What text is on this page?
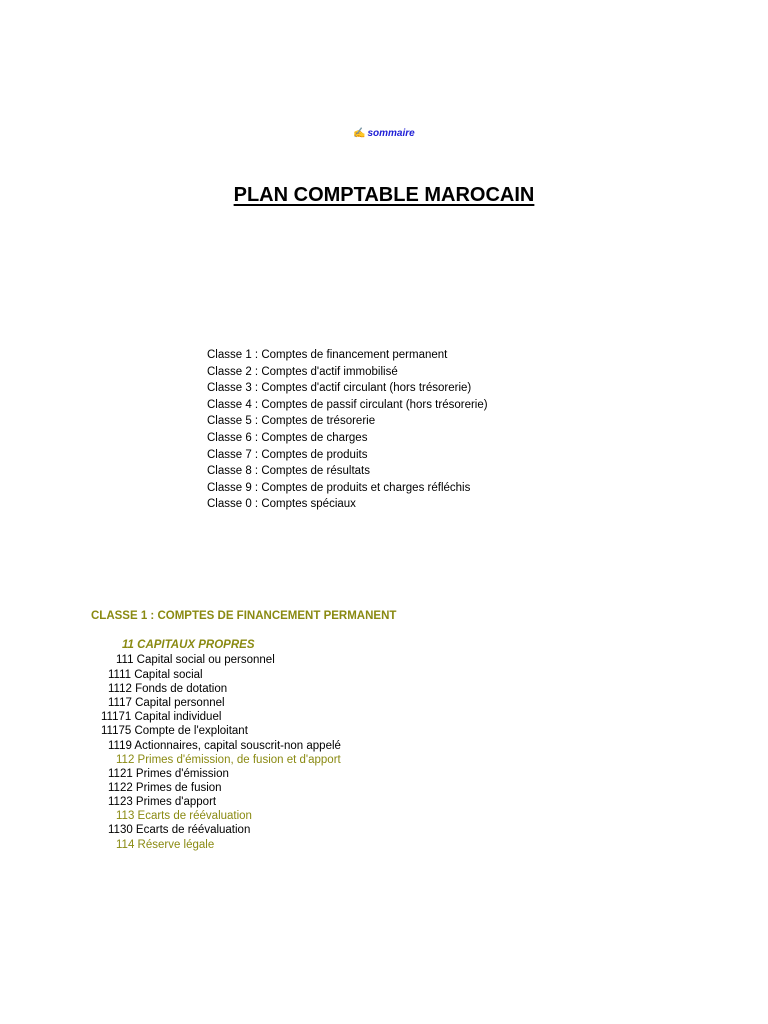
✍ sommaire
PLAN COMPTABLE MAROCAIN
Classe 1 : Comptes de financement permanent
Classe 2 : Comptes d'actif immobilisé
Classe 3 : Comptes d'actif circulant (hors trésorerie)
Classe 4 : Comptes de passif circulant (hors trésorerie)
Classe 5 : Comptes de trésorerie
Classe 6 : Comptes de charges
Classe 7 : Comptes de produits
Classe 8 : Comptes de résultats
Classe 9 : Comptes de produits et charges réfléchis
Classe 0 : Comptes spéciaux
CLASSE 1 : COMPTES DE FINANCEMENT PERMANENT
11 CAPITAUX PROPRES
111 Capital social ou personnel
1111 Capital social
1112 Fonds de dotation
1117 Capital personnel
11171 Capital individuel
11175 Compte de l'exploitant
1119 Actionnaires, capital souscrit-non appelé
112 Primes d'émission, de fusion et d'apport
1121 Primes d'émission
1122 Primes de fusion
1123 Primes d'apport
113 Ecarts de réévaluation
1130 Ecarts de réévaluation
114 Réserve légale
